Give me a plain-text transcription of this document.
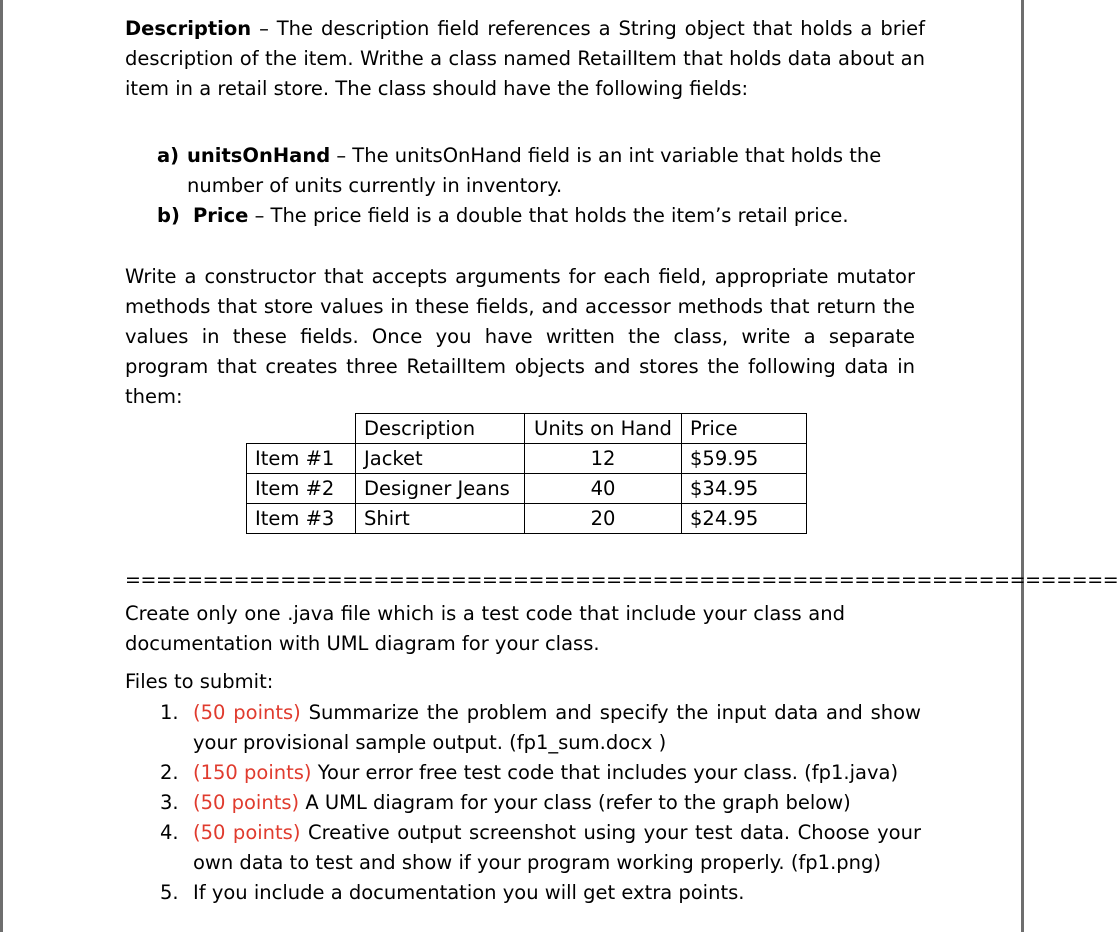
Description – The description field references a String object that holds a brief description of the item. Writhe a class named RetailItem that holds data about an item in a retail store. The class should have the following fields:
a) unitsOnHand – The unitsOnHand field is an int variable that holds the number of units currently in inventory.
b) Price – The price field is a double that holds the item’s retail price.
Write a constructor that accepts arguments for each field, appropriate mutator methods that store values in these fields, and accessor methods that return the values in these fields. Once you have written the class, write a separate program that creates three RetailItem objects and stores the following data in them:
	Description	Units on Hand	Price
Item #1	Jacket	12	$59.95
Item #2	Designer Jeans	40	$34.95
Item #3	Shirt	20	$24.95
================================================================
Create only one .java file which is a test code that include your class and documentation with UML diagram for your class.
Files to submit:
1. (50 points) Summarize the problem and specify the input data and show your provisional sample output. (fp1_sum.docx )
2. (150 points) Your error free test code that includes your class. (fp1.java)
3. (50 points) A UML diagram for your class (refer to the graph below)
4. (50 points) Creative output screenshot using your test data. Choose your own data to test and show if your program working properly. (fp1.png)
5. If you include a documentation you will get extra points.
